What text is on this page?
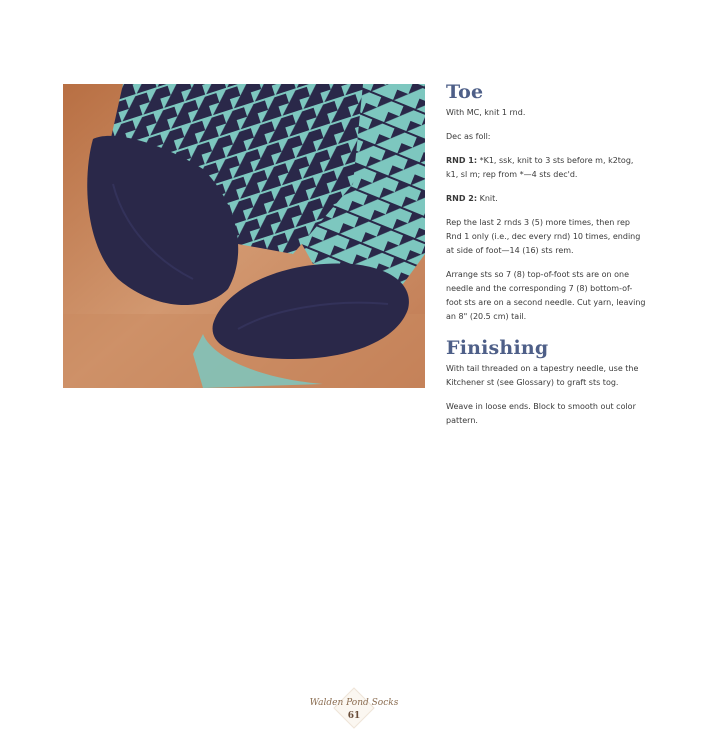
Toe

With MC, knit 1 rnd.

Dec as foll:

RND 1: *K1, ssk, knit to 3 sts before m, k2tog, k1, sl m; rep from *—4 sts dec'd.

RND 2: Knit.

Rep the last 2 rnds 3 (5) more times, then rep Rnd 1 only (i.e., dec every rnd) 10 times, ending at side of foot—14 (16) sts rem.

Arrange sts so 7 (8) top-of-foot sts are on one needle and the corresponding 7 (8) bottom-of-foot sts are on a second needle. Cut yarn, leaving an 8" (20.5 cm) tail.

Finishing

With tail threaded on a tapestry needle, use the Kitchener st (see Glossary) to graft sts tog.

Weave in loose ends. Block to smooth out color pattern.

Walden Pond Socks
61
